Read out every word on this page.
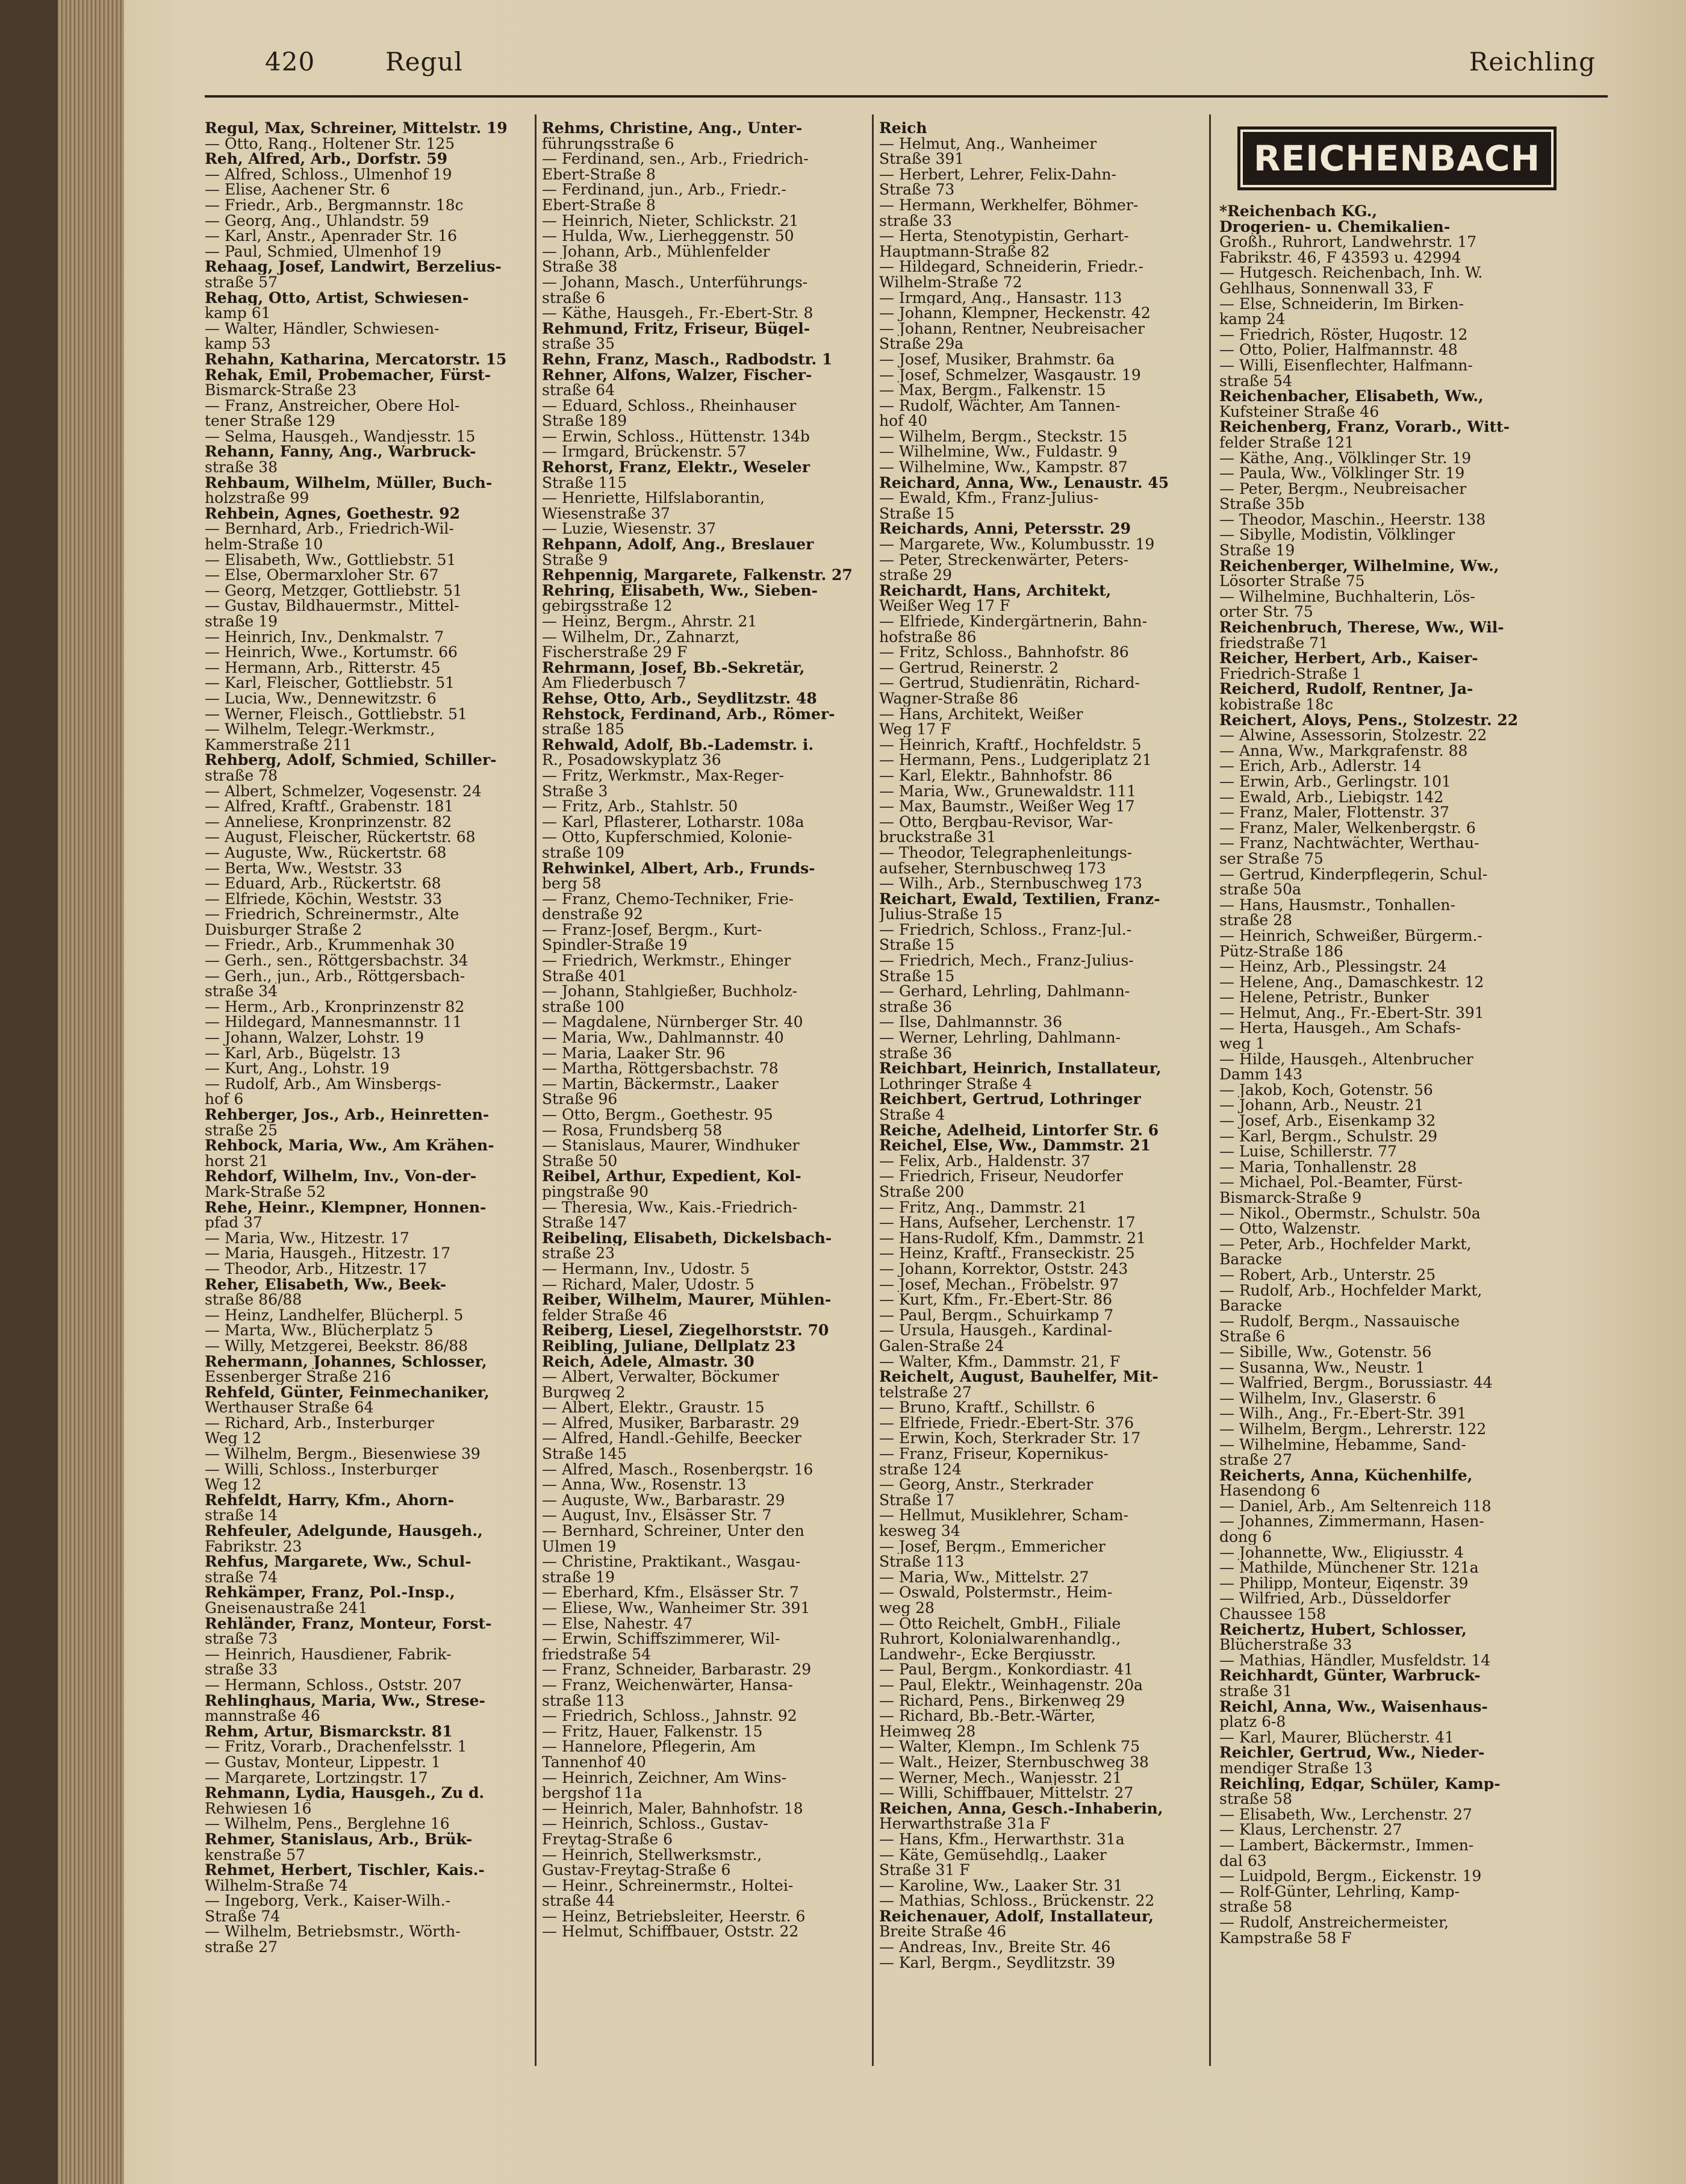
420	Regul	Reichling
Regul, Max, Schreiner, Mittelstr. 19
— Otto, Rang., Holtener Str. 125
Reh, Alfred, Arb., Dorfstr. 59
— Alfred, Schloss., Ulmenhof 19
— Elise, Aachener Str. 6
— Friedr., Arb., Bergmannstr. 18c
— Georg, Ang., Uhlandstr. 59
— Karl, Anstr., Apenrader Str. 16
— Paul, Schmied, Ulmenhof 19
Rehaag, Josef, Landwirt, Berzelius-
straße 57
Rehag, Otto, Artist, Schwiesen-
kamp 61
— Walter, Händler, Schwiesen-
kamp 53
Rehahn, Katharina, Mercatorstr. 15
Rehak, Emil, Probemacher, Fürst-
Bismarck-Straße 23
— Franz, Anstreicher, Obere Hol-
tener Straße 129
— Selma, Hausgeh., Wandjesstr. 15
Rehann, Fanny, Ang., Warbruck-
straße 38
Rehbaum, Wilhelm, Müller, Buch-
holzstraße 99
Rehbein, Agnes, Goethestr. 92
— Bernhard, Arb., Friedrich-Wil-
helm-Straße 10
— Elisabeth, Ww., Gottliebstr. 51
— Else, Obermarxloher Str. 67
— Georg, Metzger, Gottliebstr. 51
— Gustav, Bildhauermstr., Mittel-
straße 19
— Heinrich, Inv., Denkmalstr. 7
— Heinrich, Wwe., Kortumstr. 66
— Hermann, Arb., Ritterstr. 45
— Karl, Fleischer, Gottliebstr. 51
— Lucia, Ww., Dennewitzstr. 6
— Werner, Fleisch., Gottliebstr. 51
— Wilhelm, Telegr.-Werkmstr.,
Kammerstraße 211
Rehberg, Adolf, Schmied, Schiller-
straße 78
— Albert, Schmelzer, Vogesenstr. 24
— Alfred, Kraftf., Grabenstr. 181
— Anneliese, Kronprinzenstr. 82
— August, Fleischer, Rückertstr. 68
— Auguste, Ww., Rückertstr. 68
— Berta, Ww., Weststr. 33
— Eduard, Arb., Rückertstr. 68
— Elfriede, Köchin, Weststr. 33
— Friedrich, Schreinermstr., Alte
Duisburger Straße 2
— Friedr., Arb., Krummenhak 30
— Gerh., sen., Röttgersbachstr. 34
— Gerh., jun., Arb., Röttgersbach-
straße 34
— Herm., Arb., Kronprinzenstr 82
— Hildegard, Mannesmannstr. 11
— Johann, Walzer, Lohstr. 19
— Karl, Arb., Bügelstr. 13
— Kurt, Ang., Lohstr. 19
— Rudolf, Arb., Am Winsbergs-
hof 6
Rehberger, Jos., Arb., Heinretten-
straße 25
Rehbock, Maria, Ww., Am Krähen-
horst 21
Rehdorf, Wilhelm, Inv., Von-der-
Mark-Straße 52
Rehe, Heinr., Klempner, Honnen-
pfad 37
— Maria, Ww., Hitzestr. 17
— Maria, Hausgeh., Hitzestr. 17
— Theodor, Arb., Hitzestr. 17
Reher, Elisabeth, Ww., Beek-
straße 86/88
— Heinz, Landhelfer, Blücherpl. 5
— Marta, Ww., Blücherplatz 5
— Willy, Metzgerei, Beekstr. 86/88
Rehermann, Johannes, Schlosser,
Essenberger Straße 216
Rehfeld, Günter, Feinmechaniker,
Werthauser Straße 64
— Richard, Arb., Insterburger
Weg 12
— Wilhelm, Bergm., Biesenwiese 39
— Willi, Schloss., Insterburger
Weg 12
Rehfeldt, Harry, Kfm., Ahorn-
straße 14
Rehfeuler, Adelgunde, Hausgeh.,
Fabrikstr. 23
Rehfus, Margarete, Ww., Schul-
straße 74
Rehkämper, Franz, Pol.-Insp.,
Gneisenaustraße 241
Rehländer, Franz, Monteur, Forst-
straße 73
— Heinrich, Hausdiener, Fabrik-
straße 33
— Hermann, Schloss., Oststr. 207
Rehlinghaus, Maria, Ww., Strese-
mannstraße 46
Rehm, Artur, Bismarckstr. 81
— Fritz, Vorarb., Drachenfelsstr. 1
— Gustav, Monteur, Lippestr. 1
— Margarete, Lortzingstr. 17
Rehmann, Lydia, Hausgeh., Zu d.
Rehwiesen 16
— Wilhelm, Pens., Berglehne 16
Rehmer, Stanislaus, Arb., Brük-
kenstraße 57
Rehmet, Herbert, Tischler, Kais.-
Wilhelm-Straße 74
— Ingeborg, Verk., Kaiser-Wilh.-
Straße 74
— Wilhelm, Betriebsmstr., Wörth-
straße 27
Rehms, Christine, Ang., Unter-
führungsstraße 6
— Ferdinand, sen., Arb., Friedrich-
Ebert-Straße 8
— Ferdinand, jun., Arb., Friedr.-
Ebert-Straße 8
— Heinrich, Nieter, Schlickstr. 21
— Hulda, Ww., Lierheggenstr. 50
— Johann, Arb., Mühlenfelder
Straße 38
— Johann, Masch., Unterführungs-
straße 6
— Käthe, Hausgeh., Fr.-Ebert-Str. 8
Rehmund, Fritz, Friseur, Bügel-
straße 35
Rehn, Franz, Masch., Radbodstr. 1
Rehner, Alfons, Walzer, Fischer-
straße 64
— Eduard, Schloss., Rheinhauser
Straße 189
— Erwin, Schloss., Hüttenstr. 134b
— Irmgard, Brückenstr. 57
Rehorst, Franz, Elektr., Weseler
Straße 115
— Henriette, Hilfslaborantin,
Wiesenstraße 37
— Luzie, Wiesenstr. 37
Rehpann, Adolf, Ang., Breslauer
Straße 9
Rehpennig, Margarete, Falkenstr. 27
Rehring, Elisabeth, Ww., Sieben-
gebirgsstraße 12
— Heinz, Bergm., Ahrstr. 21
— Wilhelm, Dr., Zahnarzt,
Fischerstraße 29 F
Rehrmann, Josef, Bb.-Sekretär,
Am Fliederbusch 7
Rehse, Otto, Arb., Seydlitzstr. 48
Rehstock, Ferdinand, Arb., Römer-
straße 185
Rehwald, Adolf, Bb.-Lademstr. i.
R., Posadowskyplatz 36
— Fritz, Werkmstr., Max-Reger-
Straße 3
— Fritz, Arb., Stahlstr. 50
— Karl, Pflasterer, Lotharstr. 108a
— Otto, Kupferschmied, Kolonie-
straße 109
Rehwinkel, Albert, Arb., Frunds-
berg 58
— Franz, Chemo-Techniker, Frie-
denstraße 92
— Franz-Josef, Bergm., Kurt-
Spindler-Straße 19
— Friedrich, Werkmstr., Ehinger
Straße 401
— Johann, Stahlgießer, Buchholz-
straße 100
— Magdalene, Nürnberger Str. 40
— Maria, Ww., Dahlmannstr. 40
— Maria, Laaker Str. 96
— Martha, Röttgersbachstr. 78
— Martin, Bäckermstr., Laaker
Straße 96
— Otto, Bergm., Goethestr. 95
— Rosa, Frundsberg 58
— Stanislaus, Maurer, Windhuker
Straße 50
Reibel, Arthur, Expedient, Kol-
pingstraße 90
— Theresia, Ww., Kais.-Friedrich-
Straße 147
Reibeling, Elisabeth, Dickelsbach-
straße 23
— Hermann, Inv., Udostr. 5
— Richard, Maler, Udostr. 5
Reiber, Wilhelm, Maurer, Mühlen-
felder Straße 46
Reiberg, Liesel, Ziegelhorststr. 70
Reibling, Juliane, Dellplatz 23
Reich, Adele, Almastr. 30
— Albert, Verwalter, Böckumer
Burgweg 2
— Albert, Elektr., Graustr. 15
— Alfred, Musiker, Barbarastr. 29
— Alfred, Handl.-Gehilfe, Beecker
Straße 145
— Alfred, Masch., Rosenbergstr. 16
— Anna, Ww., Rosenstr. 13
— Auguste, Ww., Barbarastr. 29
— August, Inv., Elsässer Str. 7
— Bernhard, Schreiner, Unter den
Ulmen 19
— Christine, Praktikant., Wasgau-
straße 19
— Eberhard, Kfm., Elsässer Str. 7
— Eliese, Ww., Wanheimer Str. 391
— Else, Nahestr. 47
— Erwin, Schiffszimmerer, Wil-
friedstraße 54
— Franz, Schneider, Barbarastr. 29
— Franz, Weichenwärter, Hansa-
straße 113
— Friedrich, Schloss., Jahnstr. 92
— Fritz, Hauer, Falkenstr. 15
— Hannelore, Pflegerin, Am
Tannenhof 40
— Heinrich, Zeichner, Am Wins-
bergshof 11a
— Heinrich, Maler, Bahnhofstr. 18
— Heinrich, Schloss., Gustav-
Freytag-Straße 6
— Heinrich, Stellwerksmstr.,
Gustav-Freytag-Straße 6
— Heinr., Schreinermstr., Holtei-
straße 44
— Heinz, Betriebsleiter, Heerstr. 6
— Helmut, Schiffbauer, Oststr. 22
Reich
— Helmut, Ang., Wanheimer
Straße 391
— Herbert, Lehrer, Felix-Dahn-
Straße 73
— Hermann, Werkhelfer, Böhmer-
straße 33
— Herta, Stenotypistin, Gerhart-
Hauptmann-Straße 82
— Hildegard, Schneiderin, Friedr.-
Wilhelm-Straße 72
— Irmgard, Ang., Hansastr. 113
— Johann, Klempner, Heckenstr. 42
— Johann, Rentner, Neubreisacher
Straße 29a
— Josef, Musiker, Brahmstr. 6a
— Josef, Schmelzer, Wasgaustr. 19
— Max, Bergm., Falkenstr. 15
— Rudolf, Wächter, Am Tannen-
hof 40
— Wilhelm, Bergm., Steckstr. 15
— Wilhelmine, Ww., Fuldastr. 9
— Wilhelmine, Ww., Kampstr. 87
Reichard, Anna, Ww., Lenaustr. 45
— Ewald, Kfm., Franz-Julius-
Straße 15
Reichards, Anni, Petersstr. 29
— Margarete, Ww., Kolumbusstr. 19
— Peter, Streckenwärter, Peters-
straße 29
Reichardt, Hans, Architekt,
Weißer Weg 17 F
— Elfriede, Kindergärtnerin, Bahn-
hofstraße 86
— Fritz, Schloss., Bahnhofstr. 86
— Gertrud, Reinerstr. 2
— Gertrud, Studienrätin, Richard-
Wagner-Straße 86
— Hans, Architekt, Weißer
Weg 17 F
— Heinrich, Kraftf., Hochfeldstr. 5
— Hermann, Pens., Ludgeriplatz 21
— Karl, Elektr., Bahnhofstr. 86
— Maria, Ww., Grunewaldstr. 111
— Max, Baumstr., Weißer Weg 17
— Otto, Bergbau-Revisor, War-
bruckstraße 31
— Theodor, Telegraphenleitungs-
aufseher, Sternbuschweg 173
— Wilh., Arb., Sternbuschweg 173
Reichart, Ewald, Textilien, Franz-
Julius-Straße 15
— Friedrich, Schloss., Franz-Jul.-
Straße 15
— Friedrich, Mech., Franz-Julius-
Straße 15
— Gerhard, Lehrling, Dahlmann-
straße 36
— Ilse, Dahlmannstr. 36
— Werner, Lehrling, Dahlmann-
straße 36
Reichbart, Heinrich, Installateur,
Lothringer Straße 4
Reichbert, Gertrud, Lothringer
Straße 4
Reiche, Adelheid, Lintorfer Str. 6
Reichel, Else, Ww., Dammstr. 21
— Felix, Arb., Haldenstr. 37
— Friedrich, Friseur, Neudorfer
Straße 200
— Fritz, Ang., Dammstr. 21
— Hans, Aufseher, Lerchenstr. 17
— Hans-Rudolf, Kfm., Dammstr. 21
— Heinz, Kraftf., Franseckistr. 25
— Johann, Korrektor, Oststr. 243
— Josef, Mechan., Fröbelstr. 97
— Kurt, Kfm., Fr.-Ebert-Str. 86
— Paul, Bergm., Schuirkamp 7
— Ursula, Hausgeh., Kardinal-
Galen-Straße 24
— Walter, Kfm., Dammstr. 21, F
Reichelt, August, Bauhelfer, Mit-
telstraße 27
— Bruno, Kraftf., Schillstr. 6
— Elfriede, Friedr.-Ebert-Str. 376
— Erwin, Koch, Sterkrader Str. 17
— Franz, Friseur, Kopernikus-
straße 124
— Georg, Anstr., Sterkrader
Straße 17
— Hellmut, Musiklehrer, Scham-
kesweg 34
— Josef, Bergm., Emmericher
Straße 113
— Maria, Ww., Mittelstr. 27
— Oswald, Polstermstr., Heim-
weg 28
— Otto Reichelt, GmbH., Filiale
Ruhrort, Kolonialwarenhandlg.,
Landwehr-, Ecke Bergiusstr.
— Paul, Bergm., Konkordiastr. 41
— Paul, Elektr., Weinhagenstr. 20a
— Richard, Pens., Birkenweg 29
— Richard, Bb.-Betr.-Wärter,
Heimweg 28
— Walter, Klempn., Im Schlenk 75
— Walt., Heizer, Sternbuschweg 38
— Werner, Mech., Wanjesstr. 21
— Willi, Schiffbauer, Mittelstr. 27
Reichen, Anna, Gesch.-Inhaberin,
Herwarthstraße 31a F
— Hans, Kfm., Herwarthstr. 31a
— Käte, Gemüsehdlg., Laaker
Straße 31 F
— Karoline, Ww., Laaker Str. 31
— Mathias, Schloss., Brückenstr. 22
Reichenauer, Adolf, Installateur,
Breite Straße 46
— Andreas, Inv., Breite Str. 46
— Karl, Bergm., Seydlitzstr. 39
REICHENBACH
*Reichenbach KG.,
Drogerien- u. Chemikalien-
Großh., Ruhrort, Landwehrstr. 17
Fabrikstr. 46, F 43593 u. 42994
— Hutgesch. Reichenbach, Inh. W.
Gehlhaus, Sonnenwall 33, F
— Else, Schneiderin, Im Birken-
kamp 24
— Friedrich, Röster, Hugostr. 12
— Otto, Polier, Halfmannstr. 48
— Willi, Eisenflechter, Halfmann-
straße 54
Reichenbacher, Elisabeth, Ww.,
Kufsteiner Straße 46
Reichenberg, Franz, Vorarb., Witt-
felder Straße 121
— Käthe, Ang., Völklinger Str. 19
— Paula, Ww., Völklinger Str. 19
— Peter, Bergm., Neubreisacher
Straße 35b
— Theodor, Maschin., Heerstr. 138
— Sibylle, Modistin, Völklinger
Straße 19
Reichenberger, Wilhelmine, Ww.,
Lösorter Straße 75
— Wilhelmine, Buchhalterin, Lös-
orter Str. 75
Reichenbruch, Therese, Ww., Wil-
friedstraße 71
Reicher, Herbert, Arb., Kaiser-
Friedrich-Straße 1
Reicherd, Rudolf, Rentner, Ja-
kobistraße 18c
Reichert, Aloys, Pens., Stolzestr. 22
— Alwine, Assessorin, Stolzestr. 22
— Anna, Ww., Markgrafenstr. 88
— Erich, Arb., Adlerstr. 14
— Erwin, Arb., Gerlingstr. 101
— Ewald, Arb., Liebigstr. 142
— Franz, Maler, Flottenstr. 37
— Franz, Maler, Welkenbergstr. 6
— Franz, Nachtwächter, Werthau-
ser Straße 75
— Gertrud, Kinderpflegerin, Schul-
straße 50a
— Hans, Hausmstr., Tonhallen-
straße 28
— Heinrich, Schweißer, Bürgerm.-
Pütz-Straße 186
— Heinz, Arb., Plessingstr. 24
— Helene, Ang., Damaschkestr. 12
— Helene, Petristr., Bunker
— Helmut, Ang., Fr.-Ebert-Str. 391
— Herta, Hausgeh., Am Schafs-
weg 1
— Hilde, Hausgeh., Altenbrucher
Damm 143
— Jakob, Koch, Gotenstr. 56
— Johann, Arb., Neustr. 21
— Josef, Arb., Eisenkamp 32
— Karl, Bergm., Schulstr. 29
— Luise, Schillerstr. 77
— Maria, Tonhallenstr. 28
— Michael, Pol.-Beamter, Fürst-
Bismarck-Straße 9
— Nikol., Obermstr., Schulstr. 50a
— Otto, Walzenstr.
— Peter, Arb., Hochfelder Markt,
Baracke
— Robert, Arb., Unterstr. 25
— Rudolf, Arb., Hochfelder Markt,
Baracke
— Rudolf, Bergm., Nassauische
Straße 6
— Sibille, Ww., Gotenstr. 56
— Susanna, Ww., Neustr. 1
— Walfried, Bergm., Borussiastr. 44
— Wilhelm, Inv., Glaserstr. 6
— Wilh., Ang., Fr.-Ebert-Str. 391
— Wilhelm, Bergm., Lehrerstr. 122
— Wilhelmine, Hebamme, Sand-
straße 27
Reicherts, Anna, Küchenhilfe,
Hasendong 6
— Daniel, Arb., Am Seltenreich 118
— Johannes, Zimmermann, Hasen-
dong 6
— Johannette, Ww., Eligiusstr. 4
— Mathilde, Münchener Str. 121a
— Philipp, Monteur, Eigenstr. 39
— Wilfried, Arb., Düsseldorfer
Chaussee 158
Reichertz, Hubert, Schlosser,
Blücherstraße 33
— Mathias, Händler, Musfeldstr. 14
Reichhardt, Günter, Warbruck-
straße 31
Reichl, Anna, Ww., Waisenhaus-
platz 6-8
— Karl, Maurer, Blücherstr. 41
Reichler, Gertrud, Ww., Nieder-
mendiger Straße 13
Reichling, Edgar, Schüler, Kamp-
straße 58
— Elisabeth, Ww., Lerchenstr. 27
— Klaus, Lerchenstr. 27
— Lambert, Bäckermstr., Immen-
dal 63
— Luidpold, Bergm., Eickenstr. 19
— Rolf-Günter, Lehrling, Kamp-
straße 58
— Rudolf, Anstreichermeister,
Kampstraße 58 F
